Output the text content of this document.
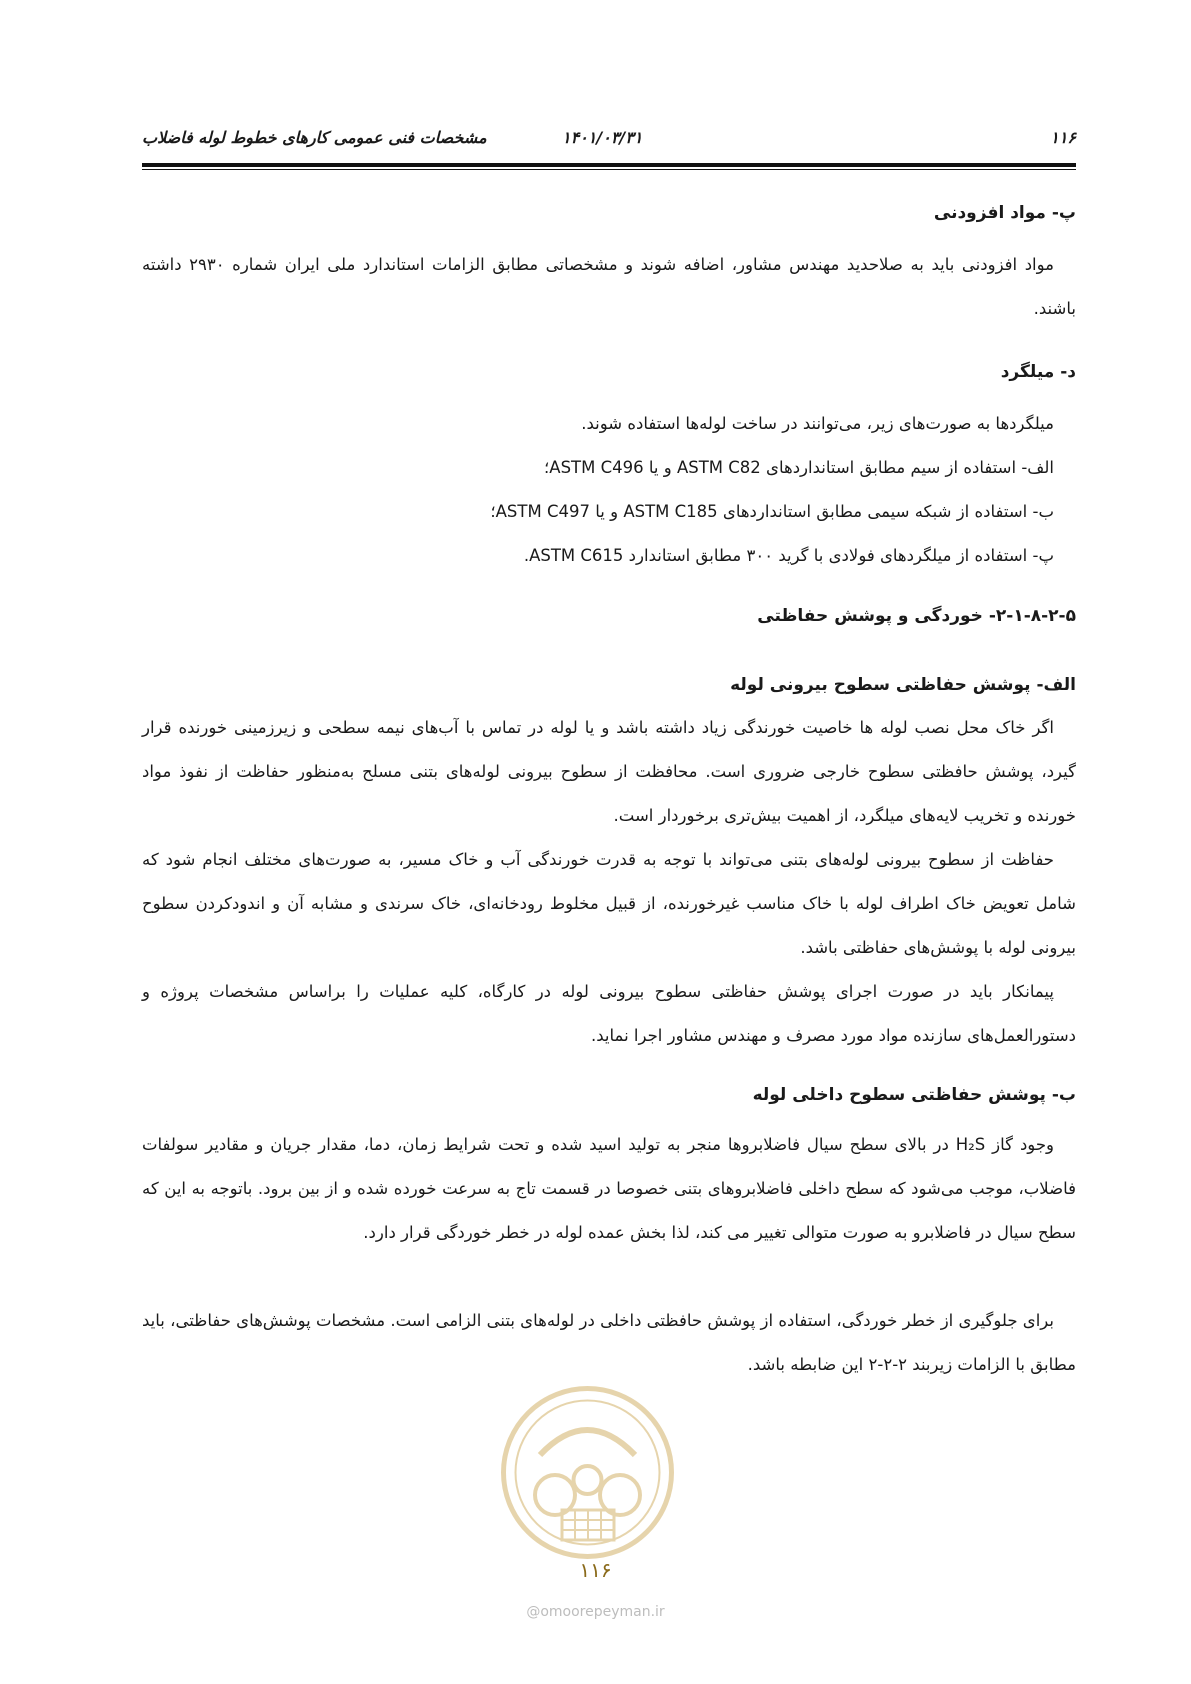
۱۱۶
۱۴۰۱/۰۳/۳۱
مشخصات فنی عمومی کارهای خطوط لوله فاضلاب
پ- مواد افزودنی
مواد افزودنی باید به صلاحدید مهندس مشاور، اضافه شوند و مشخصاتی مطابق الزامات استاندارد ملی ایران شماره ۲۹۳۰ داشته باشند.
د- میلگرد
میلگردها به صورت‌های زیر، می‌توانند در ساخت لوله‌ها استفاده شوند.
الف- استفاده از سیم مطابق استانداردهای ASTM C82 و یا ASTM C496؛
ب- استفاده از شبکه سیمی مطابق استانداردهای ASTM C185 و یا ASTM C497؛
پ- استفاده از میلگردهای فولادی با گرید ۳۰۰ مطابق استاندارد ASTM C615.
۲-۱-۸-۲-۵- خوردگی و پوشش حفاظتی
الف- پوشش حفاظتی سطوح بیرونی لوله
اگر خاک محل نصب لوله ها خاصیت خورندگی زیاد داشته باشد و یا لوله در تماس با آب‌های نیمه سطحی و زیرزمینی خورنده قرار گیرد، پوشش حافظتی سطوح خارجی ضروری است. محافظت از سطوح بیرونی لوله‌های بتنی مسلح به‌منظور حفاظت از نفوذ مواد خورنده و تخریب لایه‌های میلگرد، از اهمیت بیش‌تری برخوردار است.
حفاظت از سطوح بیرونی لوله‌های بتنی می‌تواند با توجه به قدرت خورندگی آب و خاک مسیر، به صورت‌های مختلف انجام شود که شامل تعویض خاک اطراف لوله با خاک مناسب غیرخورنده، از قبیل مخلوط رودخانه‌ای، خاک سرندی و مشابه آن و اندودکردن سطوح بیرونی لوله با پوشش‌های حفاظتی باشد.
پیمانکار باید در صورت اجرای پوشش حفاظتی سطوح بیرونی لوله در کارگاه، کلیه عملیات را براساس مشخصات پروژه و دستورالعمل‌های سازنده مواد مورد مصرف و مهندس مشاور اجرا نماید.
ب- پوشش حفاظتی سطوح داخلی لوله
وجود گاز H₂S در بالای سطح سیال فاضلابروها منجر به تولید اسید شده و تحت شرایط زمان، دما، مقدار جریان و مقادیر سولفات فاضلاب، موجب می‌شود که سطح داخلی فاضلابروهای بتنی خصوصا در قسمت تاج به سرعت خورده شده و از بین برود. باتوجه به این که سطح سیال در فاضلابرو به صورت متوالی تغییر می کند، لذا بخش عمده لوله در خطر خوردگی قرار دارد.
برای جلوگیری از خطر خوردگی، استفاده از پوشش حافظتی داخلی در لوله‌های بتنی الزامی است. مشخصات پوشش‌های حفاظتی، باید مطابق با الزامات زیربند ۲-۲-۲ این ضابطه باشد.
۱۱۶
@omoorepeyman.ir
